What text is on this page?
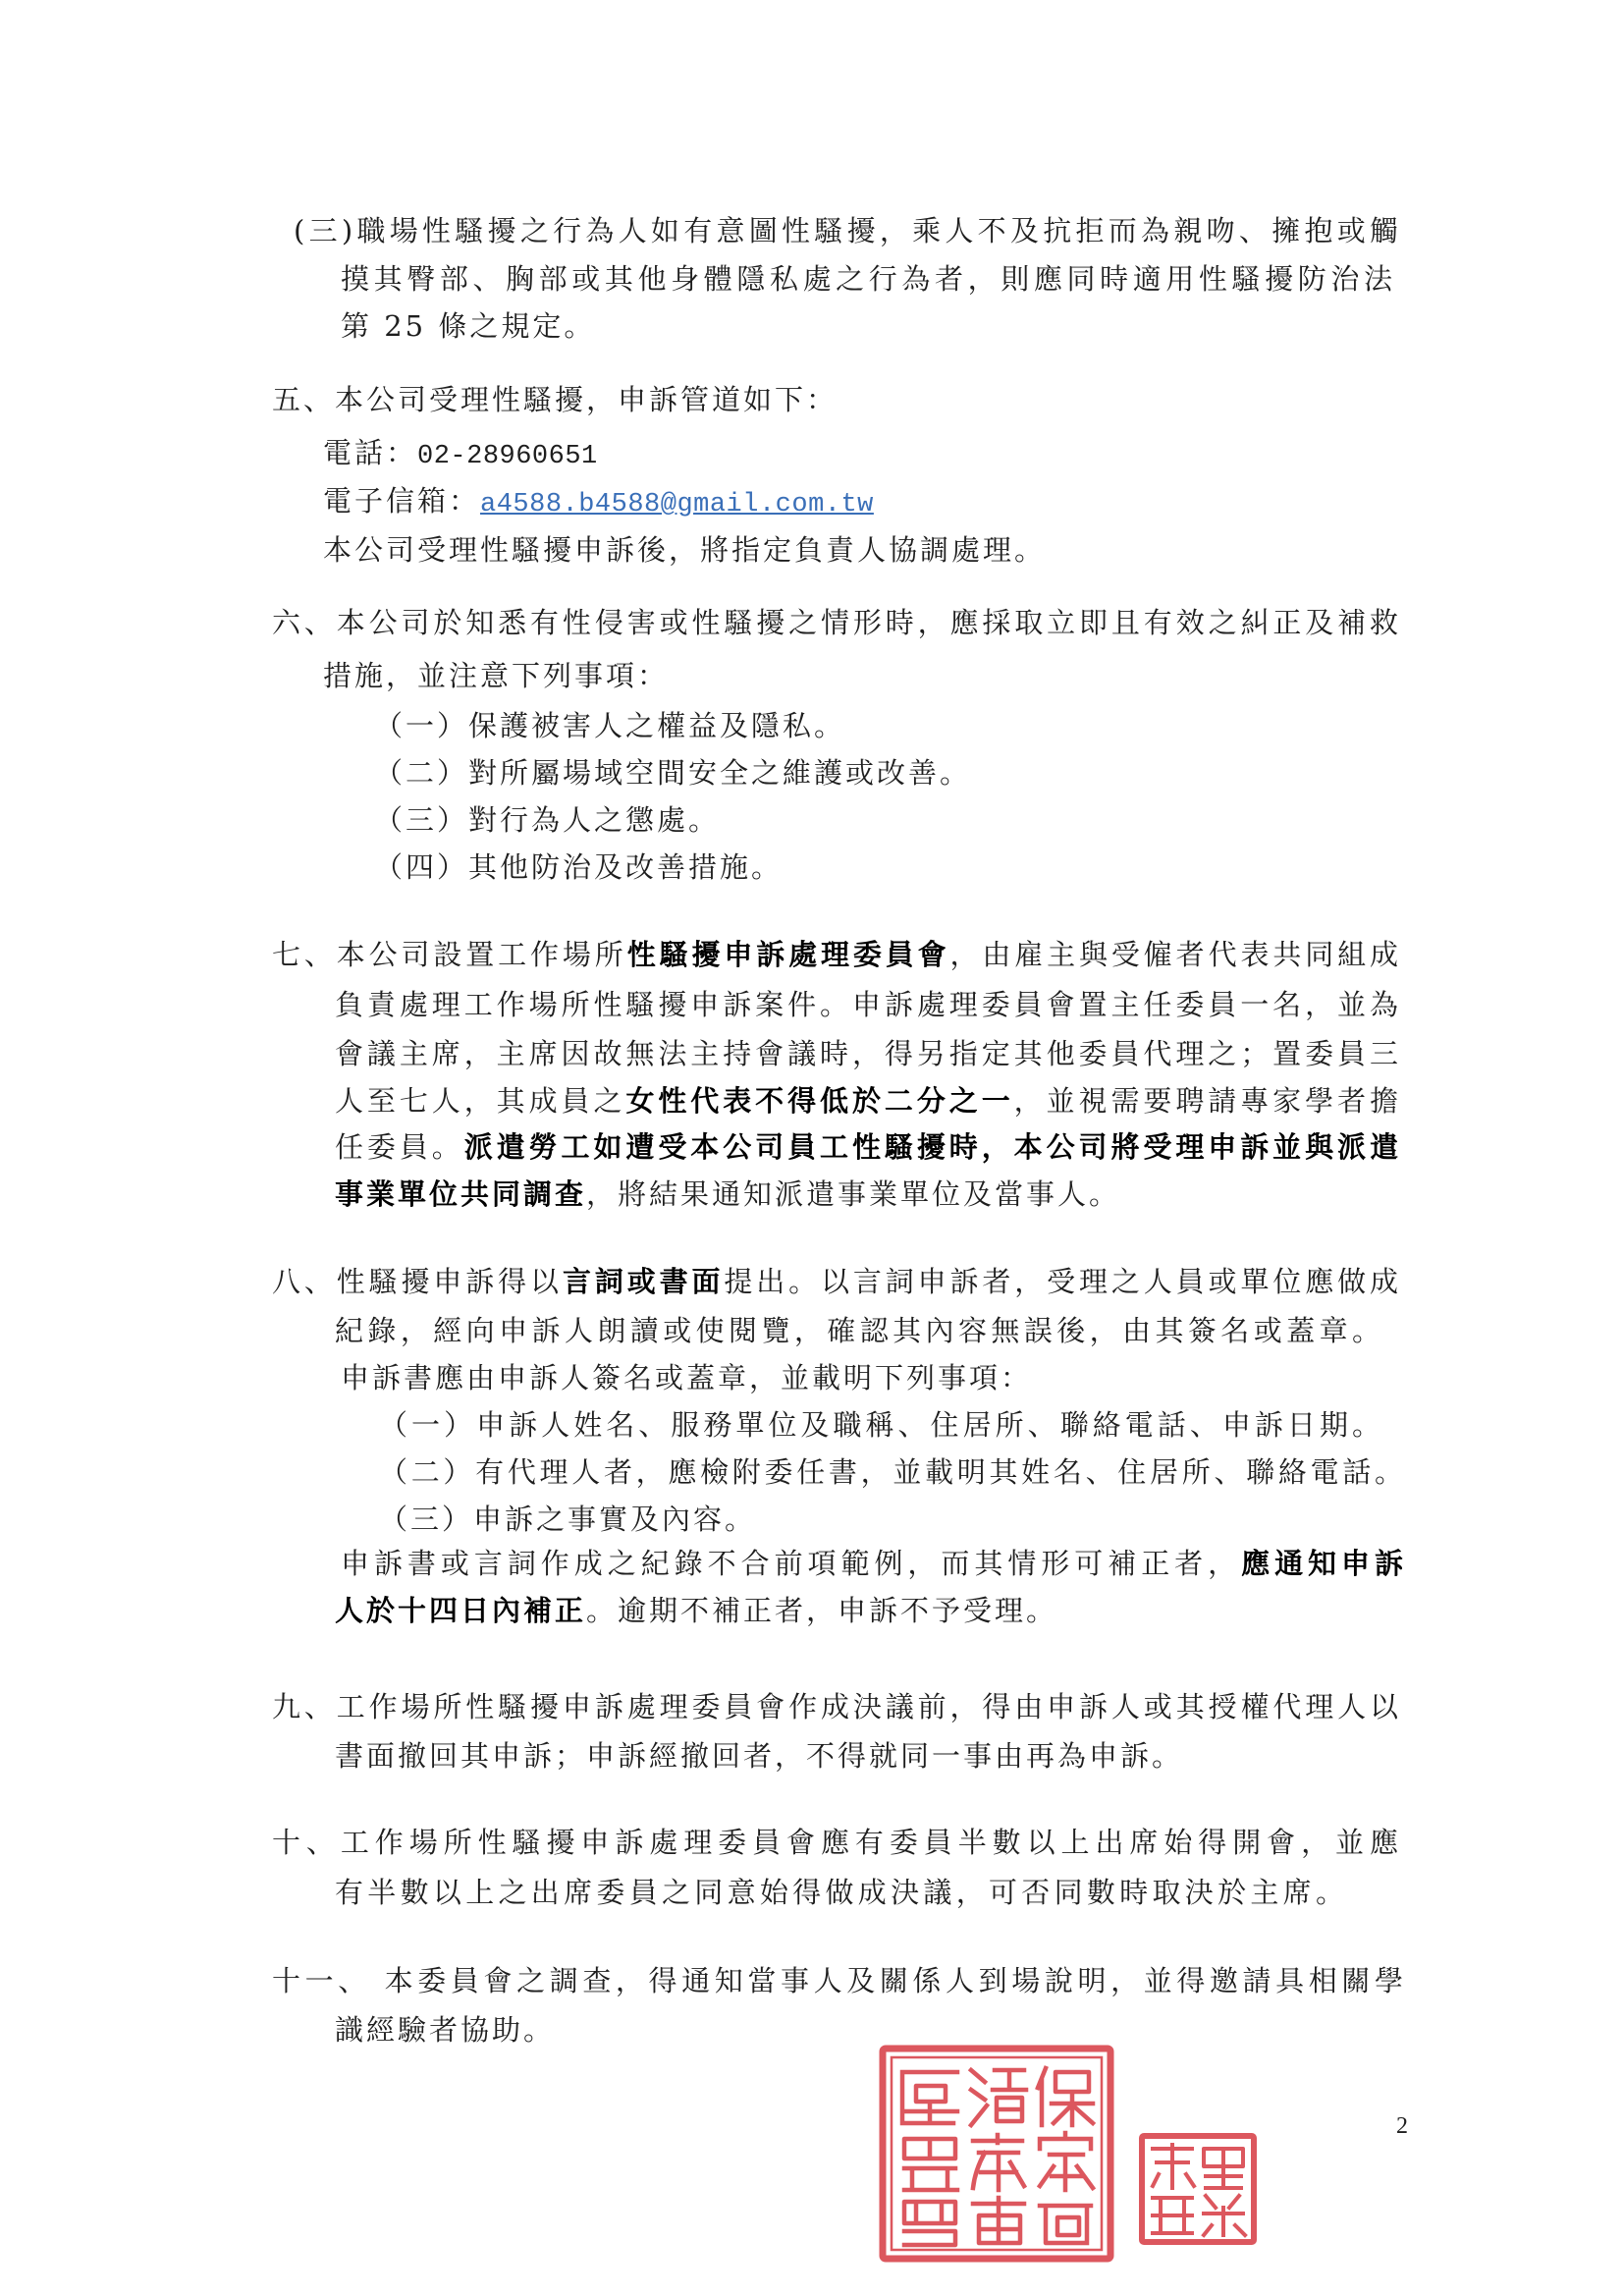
(三)職場性騷擾之行為人如有意圖性騷擾，乘人不及抗拒而為親吻、擁抱或觸
摸其臀部、胸部或其他身體隱私處之行為者，則應同時適用性騷擾防治法
第 25 條之規定。
五、本公司受理性騷擾，申訴管道如下：
電話：02-28960651
電子信箱：a4588.b4588@gmail.com.tw
本公司受理性騷擾申訴後，將指定負責人協調處理。
六、本公司於知悉有性侵害或性騷擾之情形時，應採取立即且有效之糾正及補救
措施，並注意下列事項：
（一）保護被害人之權益及隱私。
（二）對所屬場域空間安全之維護或改善。
（三）對行為人之懲處。
（四）其他防治及改善措施。
七、本公司設置工作場所性騷擾申訴處理委員會，由雇主與受僱者代表共同組成
負責處理工作場所性騷擾申訴案件。申訴處理委員會置主任委員一名，並為
會議主席，主席因故無法主持會議時，得另指定其他委員代理之；置委員三
人至七人，其成員之女性代表不得低於二分之一，並視需要聘請專家學者擔
任委員。派遣勞工如遭受本公司員工性騷擾時，本公司將受理申訴並與派遣
事業單位共同調查，將結果通知派遣事業單位及當事人。
八、性騷擾申訴得以言詞或書面提出。以言詞申訴者，受理之人員或單位應做成
紀錄，經向申訴人朗讀或使閱覽，確認其內容無誤後，由其簽名或蓋章。
申訴書應由申訴人簽名或蓋章，並載明下列事項：
（一）申訴人姓名、服務單位及職稱、住居所、聯絡電話、申訴日期。
（二）有代理人者，應檢附委任書，並載明其姓名、住居所、聯絡電話。
（三）申訴之事實及內容。
申訴書或言詞作成之紀錄不合前項範例，而其情形可補正者，應通知申訴
人於十四日內補正。逾期不補正者，申訴不予受理。
九、工作場所性騷擾申訴處理委員會作成決議前，得由申訴人或其授權代理人以
書面撤回其申訴；申訴經撤回者，不得就同一事由再為申訴。
十、工作場所性騷擾申訴處理委員會應有委員半數以上出席始得開會，並應
有半數以上之出席委員之同意始得做成決議，可否同數時取決於主席。
十一、 本委員會之調查，得通知當事人及關係人到場說明，並得邀請具相關學
識經驗者協助。
2
